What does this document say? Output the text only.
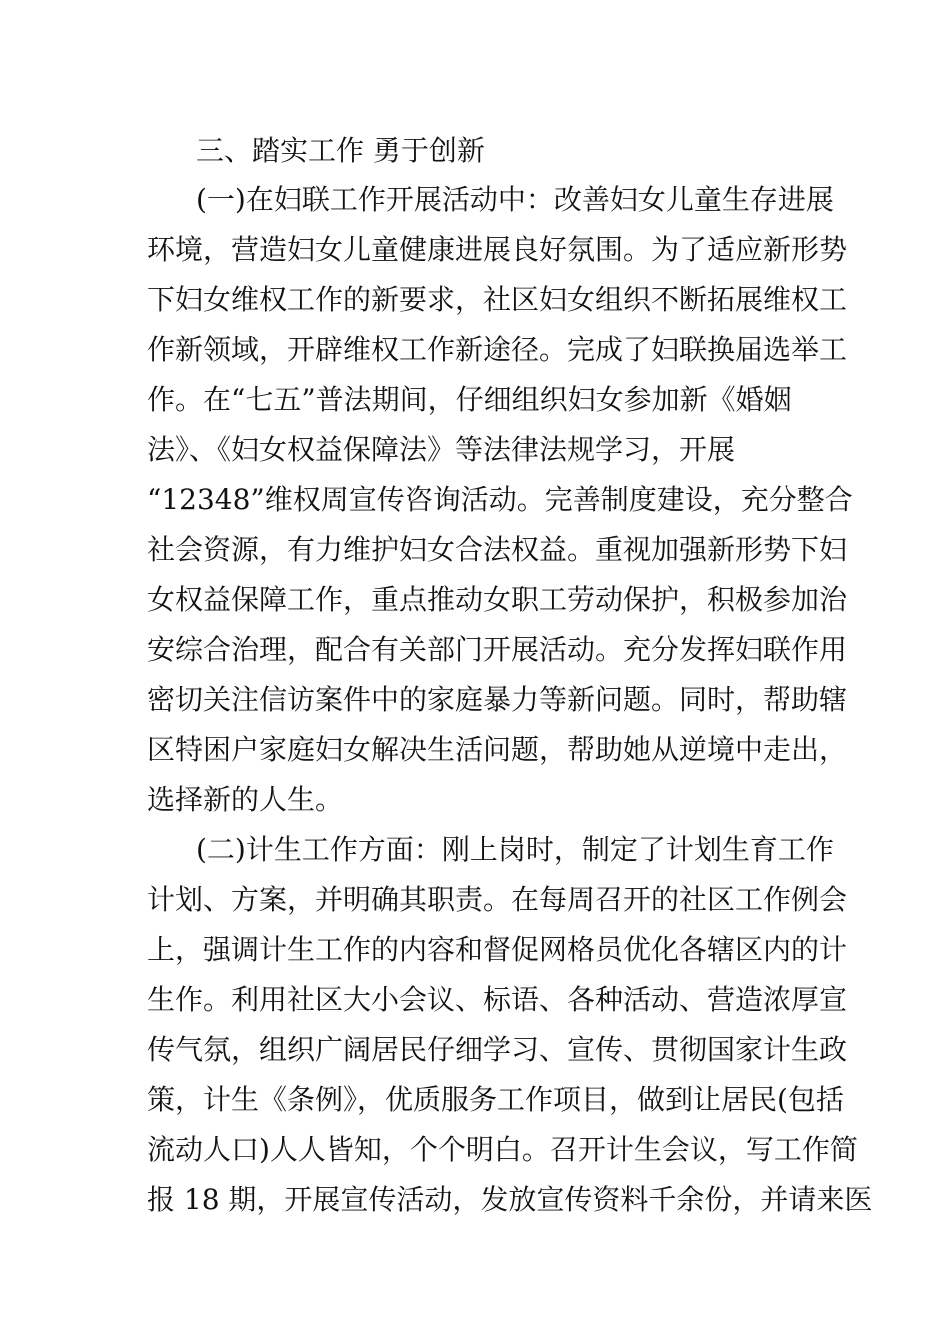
三、踏实工作 勇于创新
(一)在妇联工作开展活动中：改善妇女儿童生存进展
环境，营造妇女儿童健康进展良好氛围。为了适应新形势
下妇女维权工作的新要求，社区妇女组织不断拓展维权工
作新领域，开辟维权工作新途径。完成了妇联换届选举工
作。在“七五”普法期间，仔细组织妇女参加新《婚姻
法》、《妇女权益保障法》等法律法规学习，开展
“12348”维权周宣传咨询活动。完善制度建设，充分整合
社会资源，有力维护妇女合法权益。重视加强新形势下妇
女权益保障工作，重点推动女职工劳动保护，积极参加治
安综合治理，配合有关部门开展活动。充分发挥妇联作用
密切关注信访案件中的家庭暴力等新问题。同时，帮助辖
区特困户家庭妇女解决生活问题，帮助她从逆境中走出，
选择新的人生。
(二)计生工作方面：刚上岗时，制定了计划生育工作
计划、方案，并明确其职责。在每周召开的社区工作例会
上，强调计生工作的内容和督促网格员优化各辖区内的计
生作。利用社区大小会议、标语、各种活动、营造浓厚宣
传气氛，组织广阔居民仔细学习、宣传、贯彻国家计生政
策，计生《条例》，优质服务工作项目，做到让居民(包括
流动人口)人人皆知，个个明白。召开计生会议，写工作简
报 18 期，开展宣传活动，发放宣传资料千余份，并请来医
